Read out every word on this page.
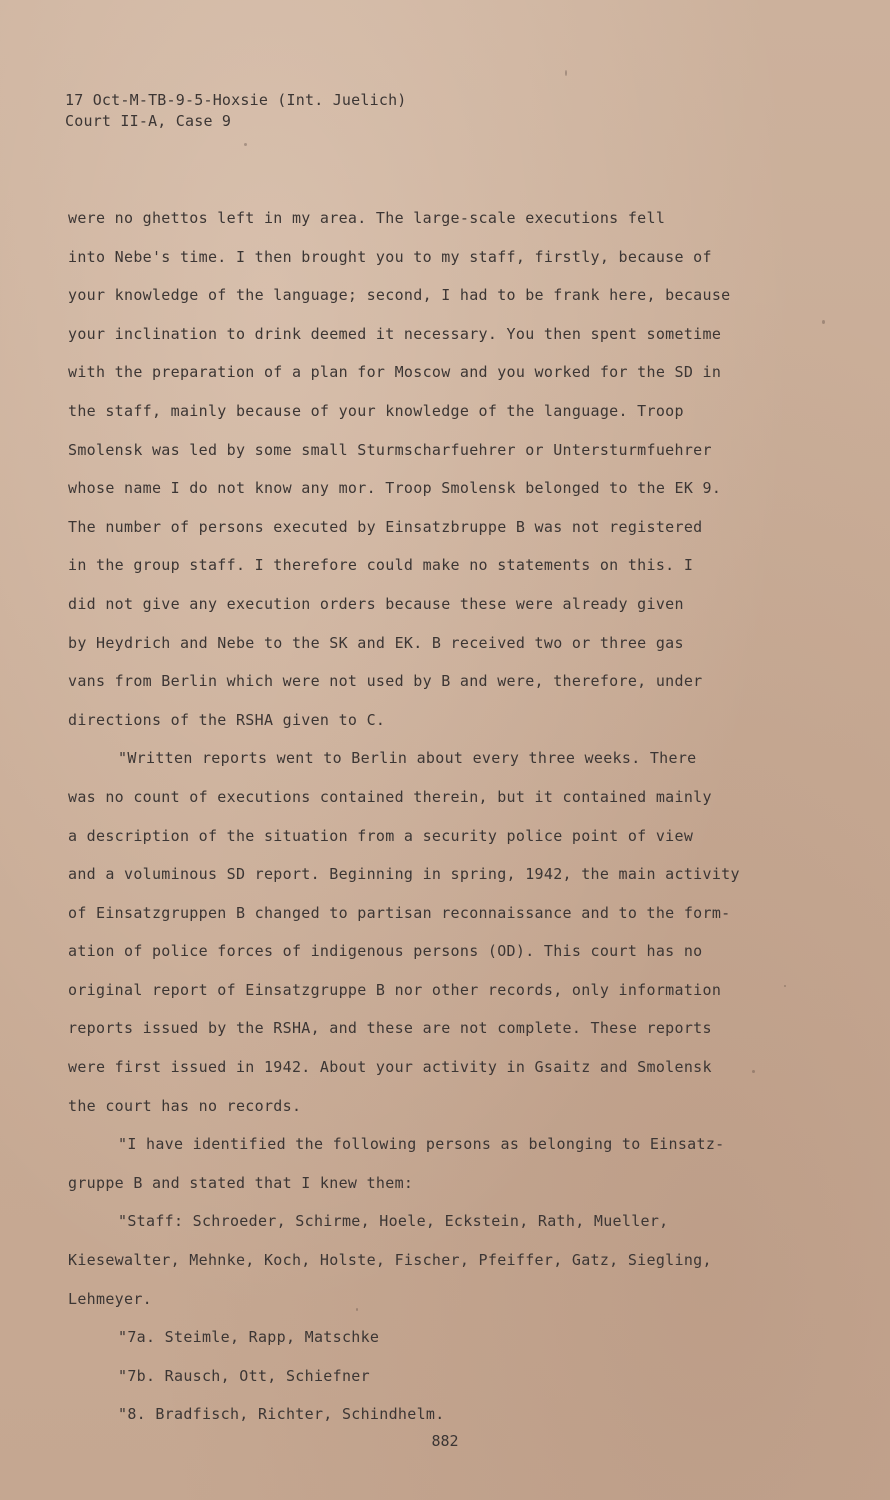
17 Oct-M-TB-9-5-Hoxsie (Int. Juelich)
Court II-A, Case 9
were no ghettos left in my area. The large-scale executions fell
into Nebe's time. I then brought you to my staff, firstly, because of
your knowledge of the language; second, I had to be frank here, because
your inclination to drink deemed it necessary. You then spent sometime
with the preparation of a plan for Moscow and you worked for the SD in
the staff, mainly because of your knowledge of the language. Troop
Smolensk was led by some small Sturmscharfuehrer or Untersturmfuehrer
whose name I do not know any mor. Troop Smolensk belonged to the EK 9.
The number of persons executed by Einsatzbruppe B was not registered
in the group staff. I therefore could make no statements on this. I
did not give any execution orders because these were already given
by Heydrich and Nebe to the SK and EK. B received two or three gas
vans from Berlin which were not used by B and were, therefore, under
directions of the RSHA given to C.
"Written reports went to Berlin about every three weeks. There
was no count of executions contained therein, but it contained mainly
a description of the situation from a security police point of view
and a voluminous SD report. Beginning in spring, 1942, the main activity
of Einsatzgruppen B changed to partisan reconnaissance and to the form-
ation of police forces of indigenous persons (OD). This court has no
original report of Einsatzgruppe B nor other records, only information
reports issued by the RSHA, and these are not complete. These reports
were first issued in 1942. About your activity in Gsaitz and Smolensk
the court has no records.
"I have identified the following persons as belonging to Einsatz-
gruppe B and stated that I knew them:
"Staff: Schroeder, Schirme, Hoele, Eckstein, Rath, Mueller,
Kiesewalter, Mehnke, Koch, Holste, Fischer, Pfeiffer, Gatz, Siegling,
Lehmeyer.
"7a. Steimle, Rapp, Matschke
"7b. Rausch, Ott, Schiefner
"8. Bradfisch, Richter, Schindhelm.
882
